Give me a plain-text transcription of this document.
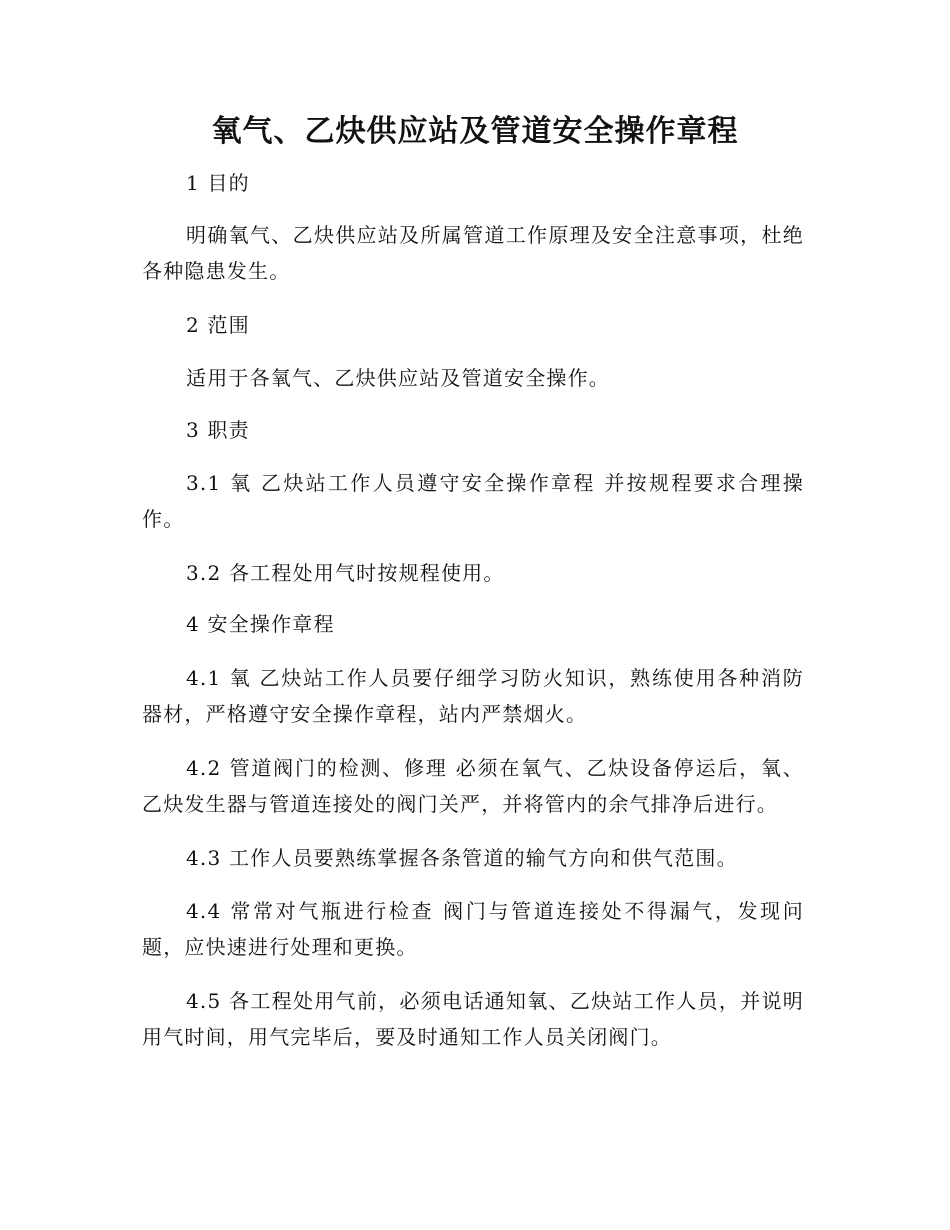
氧气、乙炔供应站及管道安全操作章程

1 目的

明确氧气、乙炔供应站及所属管道工作原理及安全注意事项，杜绝各种隐患发生。

2 范围

适用于各氧气、乙炔供应站及管道安全操作。

3 职责

3.1 氧 乙炔站工作人员遵守安全操作章程 并按规程要求合理操作。

3.2 各工程处用气时按规程使用。

4 安全操作章程

4.1 氧 乙炔站工作人员要仔细学习防火知识，熟练使用各种消防器材，严格遵守安全操作章程，站内严禁烟火。

4.2 管道阀门的检测、修理 必须在氧气、乙炔设备停运后，氧、乙炔发生器与管道连接处的阀门关严，并将管内的余气排净后进行。

4.3 工作人员要熟练掌握各条管道的输气方向和供气范围。

4.4 常常对气瓶进行检查 阀门与管道连接处不得漏气，发现问题，应快速进行处理和更换。

4.5 各工程处用气前，必须电话通知氧、乙炔站工作人员，并说明用气时间，用气完毕后，要及时通知工作人员关闭阀门。
